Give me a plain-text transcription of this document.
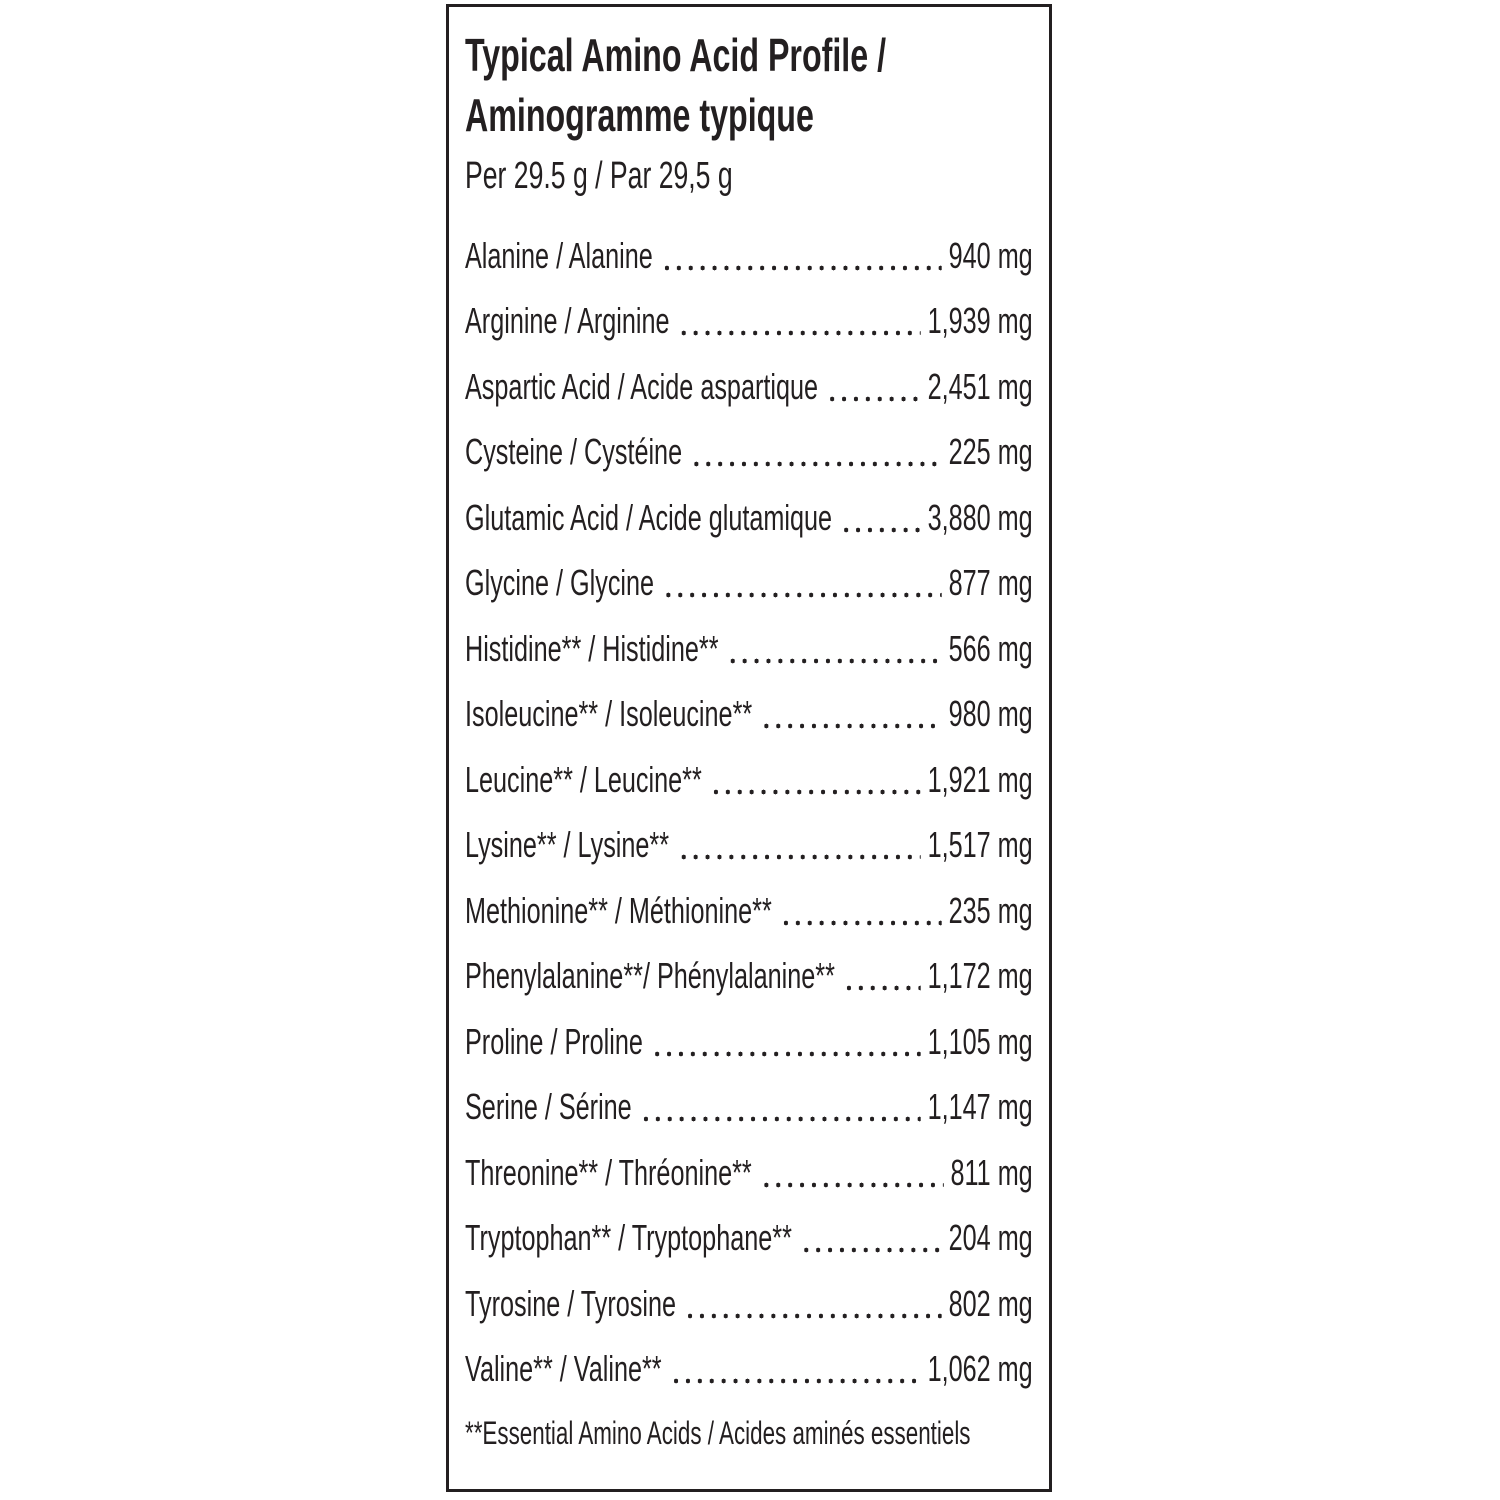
Typical Amino Acid Profile /
Aminogramme typique
Per 29.5 g / Par 29,5 g
Alanine / Alanine	940 mg
Arginine / Arginine	1,939 mg
Aspartic Acid / Acide aspartique	2,451 mg
Cysteine / Cystéine	225 mg
Glutamic Acid / Acide glutamique	3,880 mg
Glycine / Glycine	877 mg
Histidine** / Histidine**	566 mg
Isoleucine** / Isoleucine**	980 mg
Leucine** / Leucine**	1,921 mg
Lysine** / Lysine**	1,517 mg
Methionine** / Méthionine**	235 mg
Phenylalanine**/ Phénylalanine**	1,172 mg
Proline / Proline	1,105 mg
Serine / Sérine	1,147 mg
Threonine** / Thréonine**	811 mg
Tryptophan** / Tryptophane**	204 mg
Tyrosine / Tyrosine	802 mg
Valine** / Valine**	1,062 mg
**Essential Amino Acids / Acides aminés essentiels
